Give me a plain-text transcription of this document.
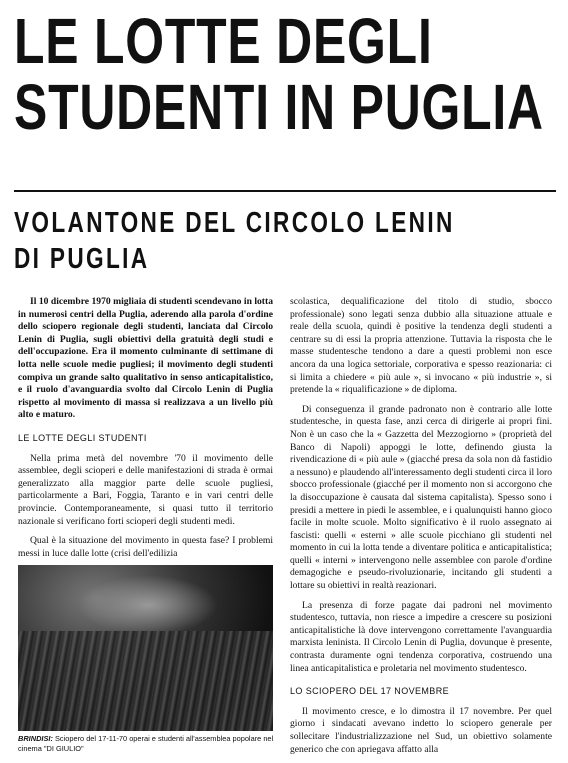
LE LOTTE DEGLI
STUDENTI IN PUGLIA
VOLANTONE DEL CIRCOLO LENIN
DI PUGLIA

Il 10 dicembre 1970 migliaia di studenti scendevano in lotta in numerosi centri della Puglia, aderendo alla parola d'ordine dello sciopero regionale degli studenti, lanciata dal Circolo Lenin di Puglia, sugli obiettivi della gratuità degli studi e dell'occupazione. Era il momento culminante di settimane di lotta nelle scuole medie pugliesi; il movimento degli studenti compiva un grande salto qualitativo in senso anticapitalistico, e il ruolo d'avanguardia svolto dal Circolo Lenin di Puglia rispetto al movimento di massa si realizzava a un livello più alto e maturo.

LE LOTTE DEGLI STUDENTI

Nella prima metà del novembre '70 il movimento delle assemblee, degli scioperi e delle manifestazioni di strada è ormai generalizzato alla maggior parte delle scuole pugliesi, particolarmente a Bari, Foggia, Taranto e in vari centri delle provincie. Contemporaneamente, si quasi tutto il territorio nazionale si verificano forti scioperi degli studenti medi.

Qual è la situazione del movimento in questa fase? I problemi messi in luce dalle lotte (crisi dell'edilizia

BRINDISI: Sciopero del 17-11-70 operai e studenti all'assemblea popolare nel cinema "DI GIULIO"

scolastica, dequalificazione del titolo di studio, sbocco professionale) sono legati senza dubbio alla situazione attuale e reale della scuola, quindi è positive la tendenza degli studenti a centrare su di essi la propria attenzione. Tuttavia la risposta che le masse studentesche tendono a dare a questi problemi non esce ancora da una logica settoriale, corporativa e spesso reazionaria: ci si limita a chiedere « più aule », si invocano « più industrie », si pretende la « riqualificazione » de diploma.

Di conseguenza il grande padronato non è contrario alle lotte studentesche, in questa fase, anzi cerca di dirigerle ai propri fini. Non è un caso che la « Gazzetta del Mezzogiorno » (proprietà del Banco di Napoli) appoggi le lotte, definendo giusta la rivendicazione di « più aule » (giacché presa da sola non dà fastidio a nessuno) e plaudendo all'interessamento degli studenti circa il loro sbocco professionale (giacché per il momento non si accorgono che la disoccupazione è causata dal sistema capitalista). Spesso sono i presidi a mettere in piedi le assemblee, e i qualunquisti hanno gioco facile in molte scuole. Molto significativo è il ruolo assegnato ai fascisti: quelli « esterni » alle scuole picchiano gli studenti nel momento in cui la lotta tende a diventare politica e anticapitalistica; quelli « interni » intervengono nelle assemblee con parole d'ordine demagogiche e pseudo-rivoluzionarie, incitando gli studenti a lottare su obiettivi in realtà reazionari.

La presenza di forze pagate dai padroni nel movimento studentesco, tuttavia, non riesce a impedire a crescere su posizioni anticapitalistiche là dove intervengono correttamente l'avanguardia marxista leninista. Il Circolo Lenin di Puglia, dovunque è presente, contrasta duramente ogni tendenza corporativa, costruendo una linea anticapitalistica e proletaria nel movimento studentesco.

LO SCIOPERO DEL 17 NOVEMBRE

Il movimento cresce, e lo dimostra il 17 novembre. Per quel giorno i sindacati avevano indetto lo sciopero generale per sollecitare l'industrializzazione nel Sud, un obiettivo solamente generico che con apriegava affatto alla
